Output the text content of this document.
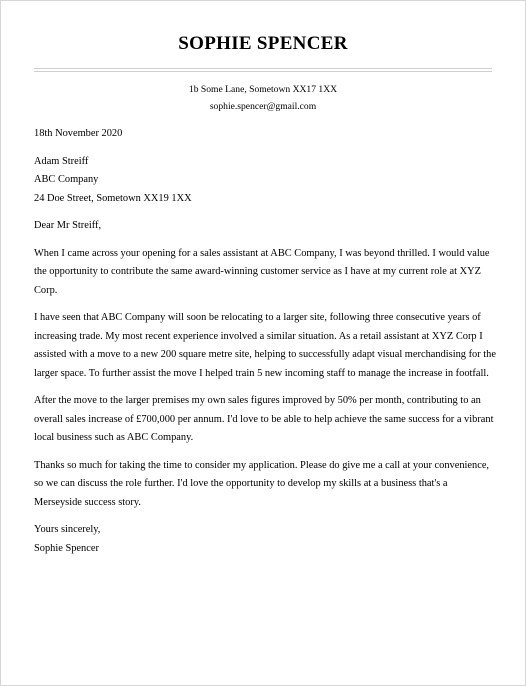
SOPHIE SPENCER
1b Some Lane, Sometown XX17 1XX
sophie.spencer@gmail.com

18th November 2020

Adam Streiff

ABC Company

24 Doe Street, Sometown XX19 1XX

Dear Mr Streiff,

When I came across your opening for a sales assistant at ABC Company, I was beyond thrilled. I would value the opportunity to contribute the same award-winning customer service as I have at my current role at XYZ Corp.

I have seen that ABC Company will soon be relocating to a larger site, following three consecutive years of increasing trade. My most recent experience involved a similar situation. As a retail assistant at XYZ Corp I assisted with a move to a new 200 square metre site, helping to successfully adapt visual merchandising for the larger space. To further assist the move I helped train 5 new incoming staff to manage the increase in footfall.

After the move to the larger premises my own sales figures improved by 50% per month, contributing to an overall sales increase of £700,000 per annum. I'd love to be able to help achieve the same success for a vibrant local business such as ABC Company.

Thanks so much for taking the time to consider my application. Please do give me a call at your convenience, so we can discuss the role further. I'd love the opportunity to develop my skills at a business that's a Merseyside success story.

Yours sincerely,

Sophie Spencer
